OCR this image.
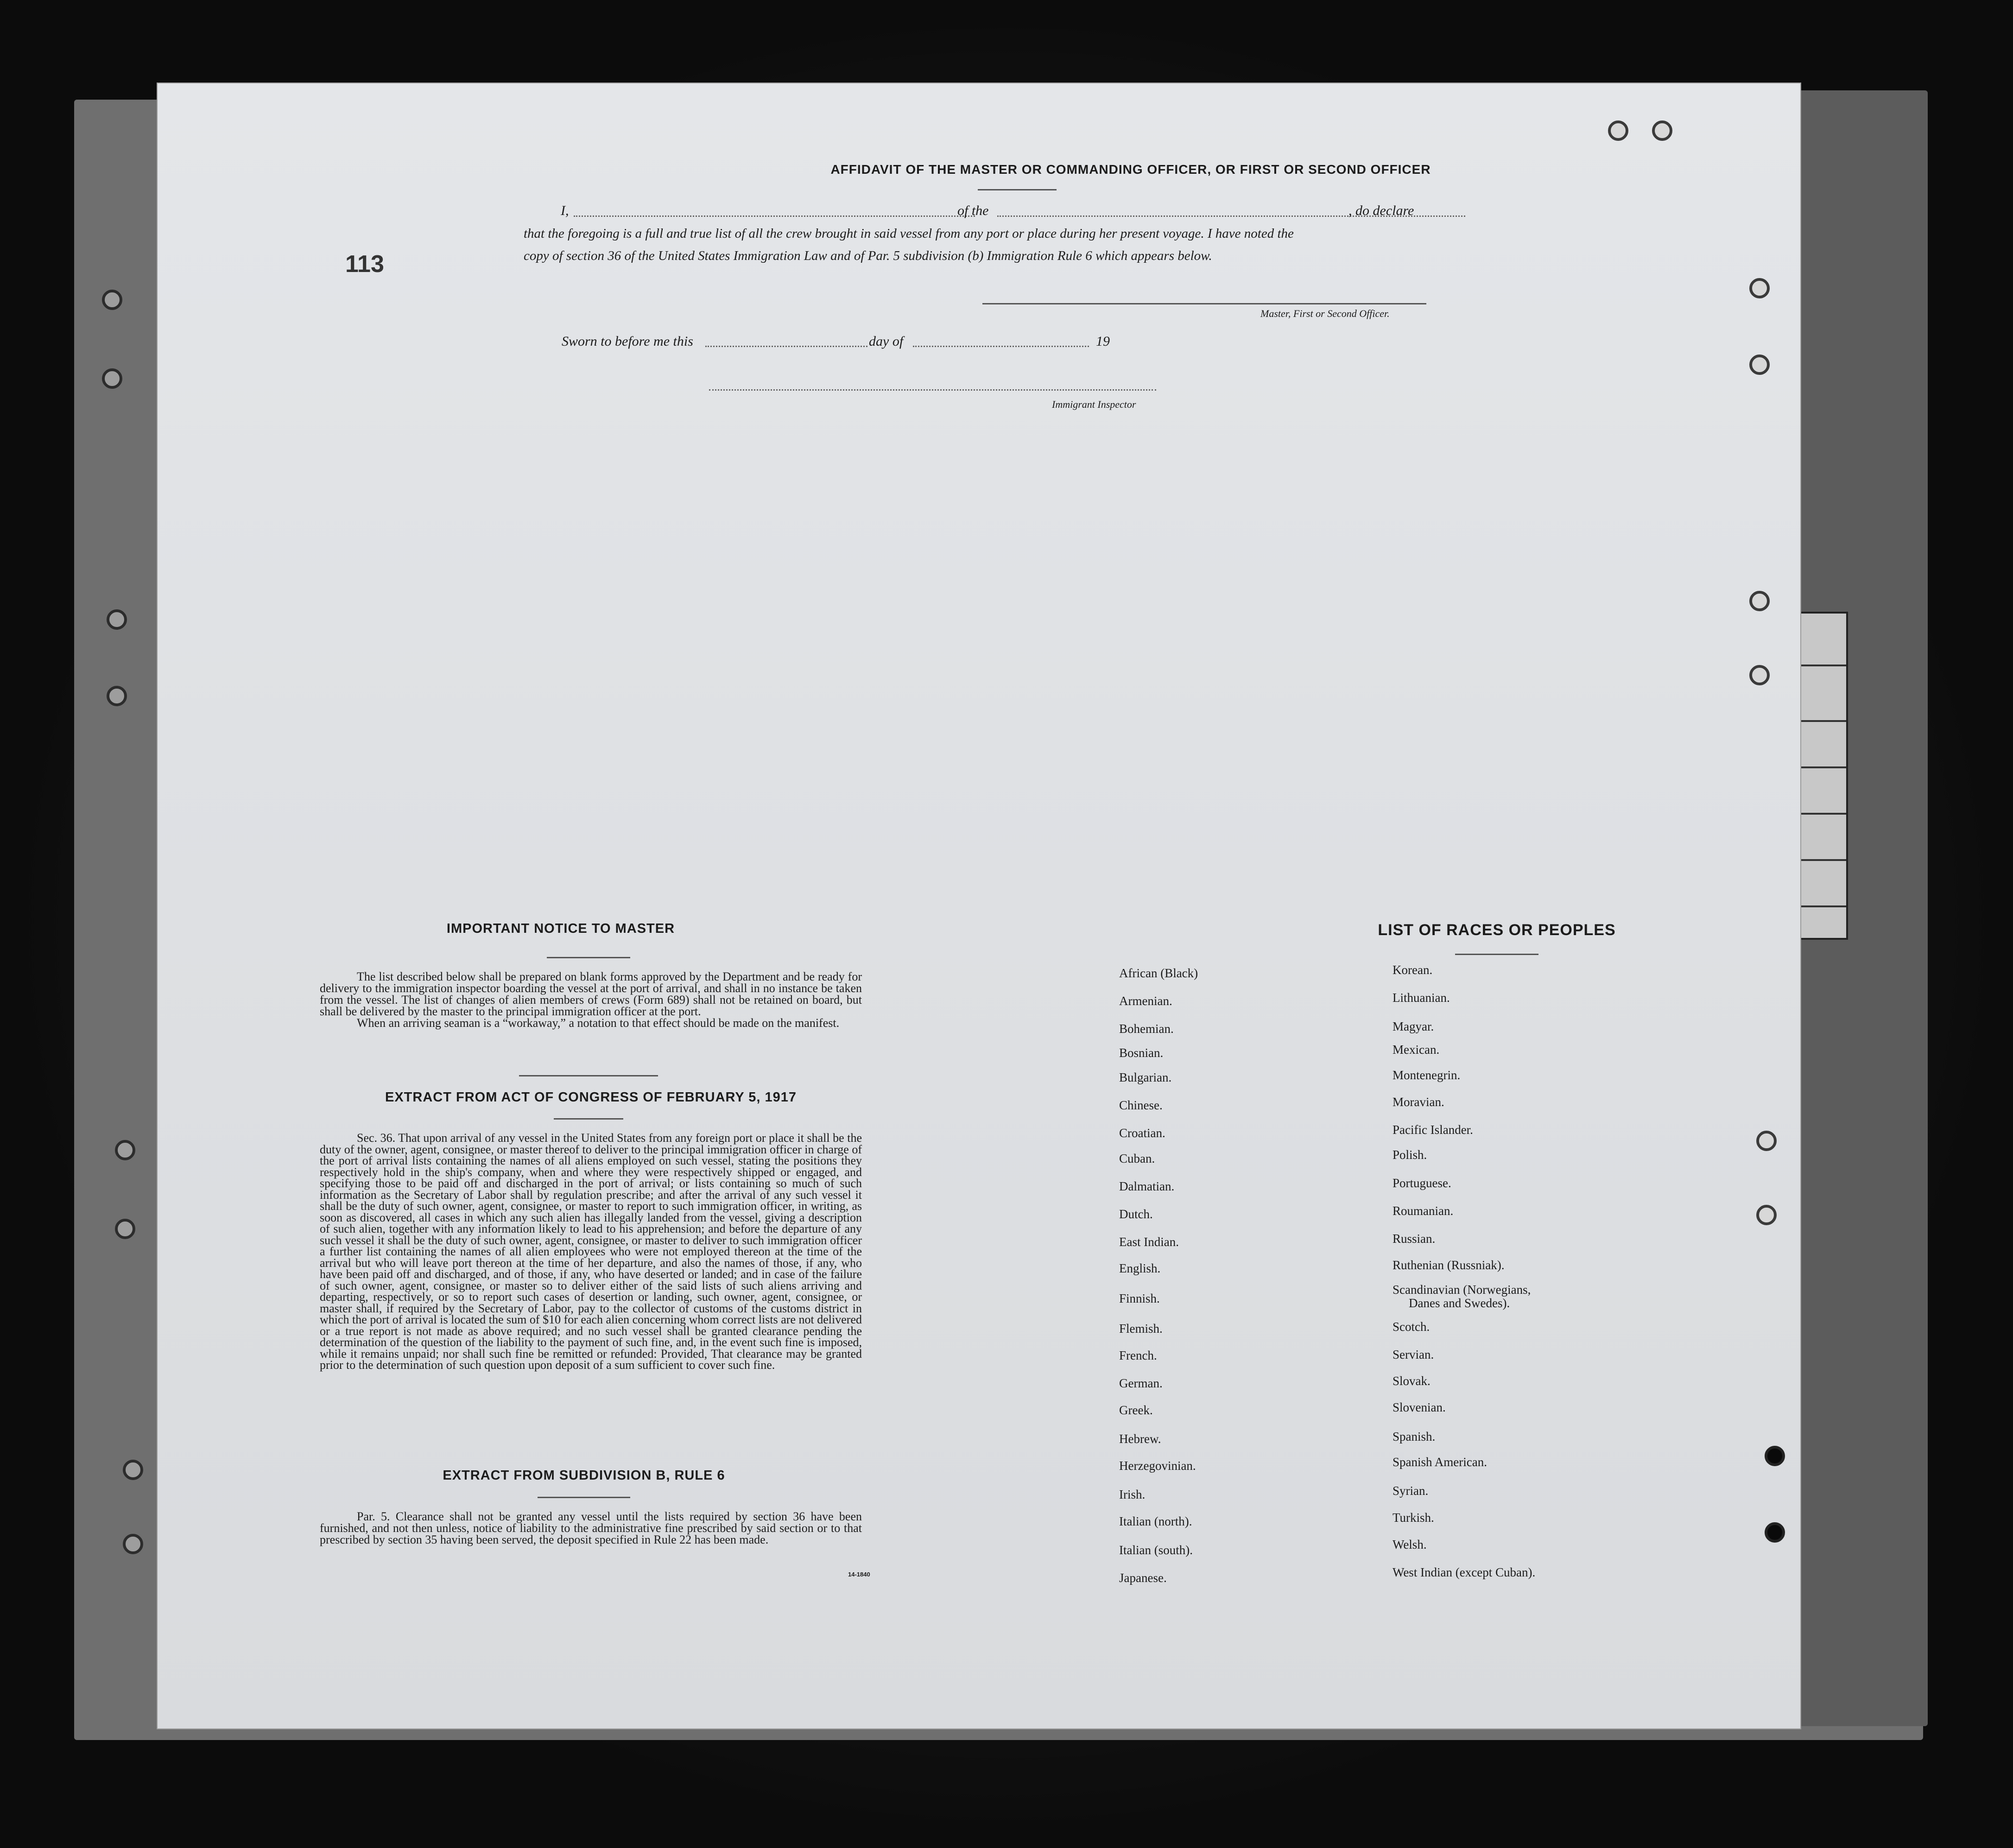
113
AFFIDAVIT OF THE MASTER OR COMMANDING OFFICER, OR FIRST OR SECOND OFFICER
I,	of the	, do declare
that the foregoing is a full and true list of all the crew brought in said vessel from any port or place during her present voyage. I have noted the
copy of section 36 of the United States Immigration Law and of Par. 5 subdivision (b) Immigration Rule 6 which appears below.
Master, First or Second Officer.
Sworn to before me this	day of	19
Immigrant Inspector
IMPORTANT NOTICE TO MASTER

The list described below shall be prepared on blank forms approved by the Department and be ready for delivery to the immigration inspector boarding the vessel at the port of arrival, and shall in no instance be taken from the vessel. The list of changes of alien members of crews (Form 689) shall not be retained on board, but shall be delivered by the master to the principal immigration officer at the port.

When an arriving seaman is a “workaway,” a notation to that effect should be made on the manifest.

EXTRACT FROM ACT OF CONGRESS OF FEBRUARY 5, 1917

Sec. 36. That upon arrival of any vessel in the United States from any foreign port or place it shall be the duty of the owner, agent, consignee, or master thereof to deliver to the principal immigration officer in charge of the port of arrival lists containing the names of all aliens employed on such vessel, stating the positions they respectively hold in the ship's company, when and where they were respectively shipped or engaged, and specifying those to be paid off and discharged in the port of arrival; or lists containing so much of such information as the Secretary of Labor shall by regulation prescribe; and after the arrival of any such vessel it shall be the duty of such owner, agent, consignee, or master to report to such immigration officer, in writing, as soon as discovered, all cases in which any such alien has illegally landed from the vessel, giving a description of such alien, together with any information likely to lead to his apprehension; and before the departure of any such vessel it shall be the duty of such owner, agent, consignee, or master to deliver to such immigration officer a further list containing the names of all alien employees who were not employed thereon at the time of the arrival but who will leave port thereon at the time of her departure, and also the names of those, if any, who have been paid off and discharged, and of those, if any, who have deserted or landed; and in case of the failure of such owner, agent, consignee, or master so to deliver either of the said lists of such aliens arriving and departing, respectively, or so to report such cases of desertion or landing, such owner, agent, consignee, or master shall, if required by the Secretary of Labor, pay to the collector of customs of the customs district in which the port of arrival is located the sum of $10 for each alien concerning whom correct lists are not delivered or a true report is not made as above required; and no such vessel shall be granted clearance pending the determination of the question of the liability to the payment of such fine, and, in the event such fine is imposed, while it remains unpaid; nor shall such fine be remitted or refunded: Provided, That clearance may be granted prior to the determination of such question upon deposit of a sum sufficient to cover such fine.

EXTRACT FROM SUBDIVISION B, RULE 6

Par. 5. Clearance shall not be granted any vessel until the lists required by section 36 have been furnished, and not then unless, notice of liability to the administrative fine prescribed by said section or to that prescribed by section 35 having been served, the deposit specified in Rule 22 has been made.

14-1840
LIST OF RACES OR PEOPLES
African (Black)
Armenian.
Bohemian.
Bosnian.
Bulgarian.
Chinese.
Croatian.
Cuban.
Dalmatian.
Dutch.
East Indian.
English.
Finnish.
Flemish.
French.
German.
Greek.
Hebrew.
Herzegovinian.
Irish.
Italian (north).
Italian (south).
Japanese.
Korean.
Lithuanian.
Magyar.
Mexican.
Montenegrin.
Moravian.
Pacific Islander.
Polish.
Portuguese.
Roumanian.
Russian.
Ruthenian (Russniak).
Scandinavian (Norwegians,
Danes and Swedes).
Scotch.
Servian.
Slovak.
Slovenian.
Spanish.
Spanish American.
Syrian.
Turkish.
Welsh.
West Indian (except Cuban).
